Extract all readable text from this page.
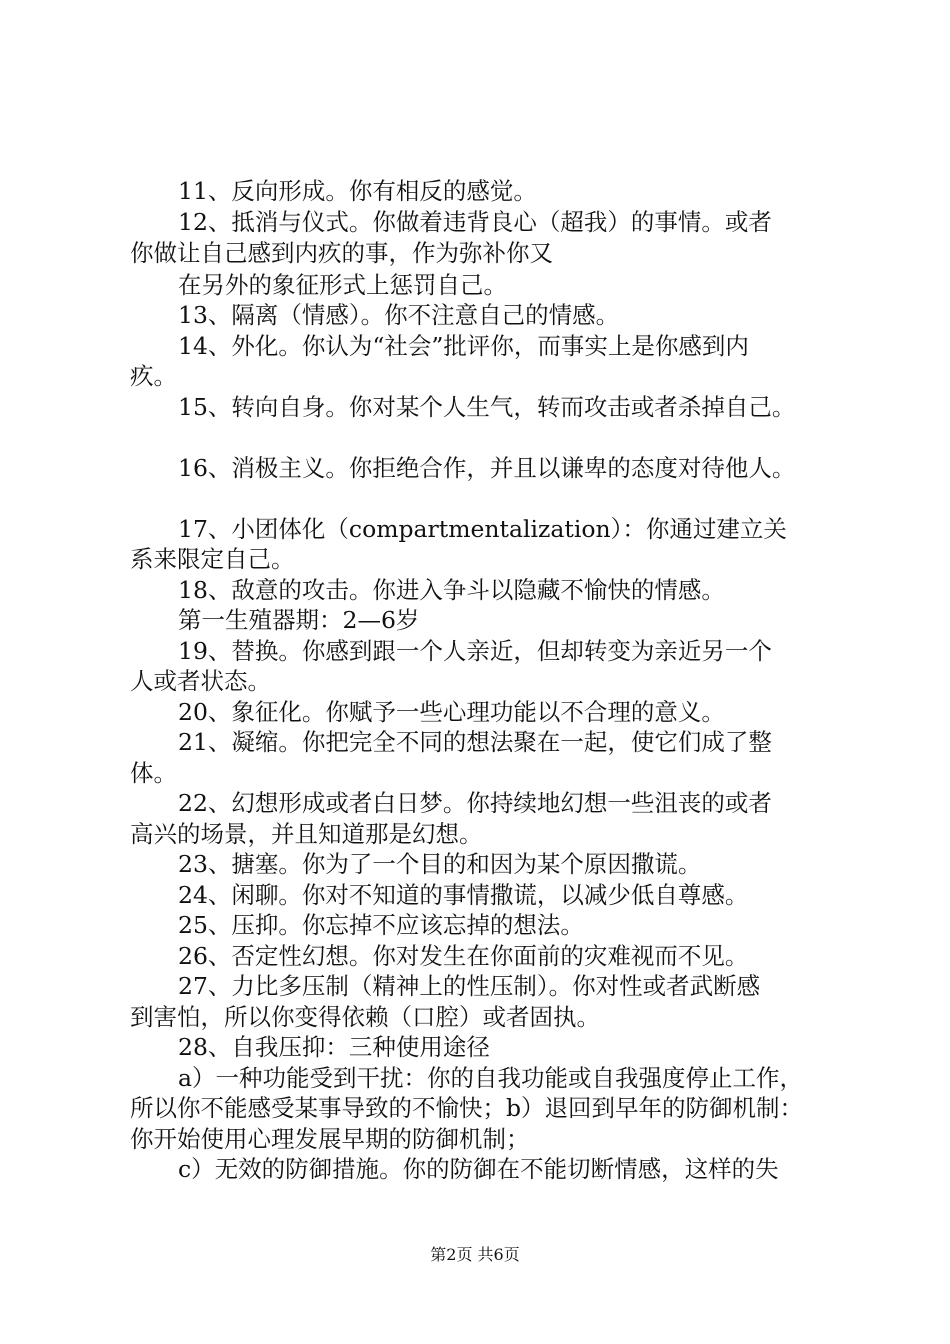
11、反向形成。你有相反的感觉。
12、抵消与仪式。你做着违背良心（超我）的事情。或者
你做让自己感到内疚的事，作为弥补你又
在另外的象征形式上惩罚自己。
13、隔离（情感）。你不注意自己的情感。
14、外化。你认为“社会”批评你，而事实上是你感到内
疚。
15、转向自身。你对某个人生气，转而攻击或者杀掉自己。
16、消极主义。你拒绝合作，并且以谦卑的态度对待他人。
17、小团体化（compartmentalization）：你通过建立关
系来限定自己。
18、敌意的攻击。你进入争斗以隐藏不愉快的情感。
第一生殖器期：2—6岁
19、替换。你感到跟一个人亲近，但却转变为亲近另一个
人或者状态。
20、象征化。你赋予一些心理功能以不合理的意义。
21、凝缩。你把完全不同的想法聚在一起，使它们成了整
体。
22、幻想形成或者白日梦。你持续地幻想一些沮丧的或者
高兴的场景，并且知道那是幻想。
23、搪塞。你为了一个目的和因为某个原因撒谎。
24、闲聊。你对不知道的事情撒谎，以减少低自尊感。
25、压抑。你忘掉不应该忘掉的想法。
26、否定性幻想。你对发生在你面前的灾难视而不见。
27、力比多压制（精神上的性压制）。你对性或者武断感
到害怕，所以你变得依赖（口腔）或者固执。
28、自我压抑：三种使用途径
a）一种功能受到干扰：你的自我功能或自我强度停止工作，
所以你不能感受某事导致的不愉快；b）退回到早年的防御机制：
你开始使用心理发展早期的防御机制；
c）无效的防御措施。你的防御在不能切断情感，这样的失
第2页 共6页
